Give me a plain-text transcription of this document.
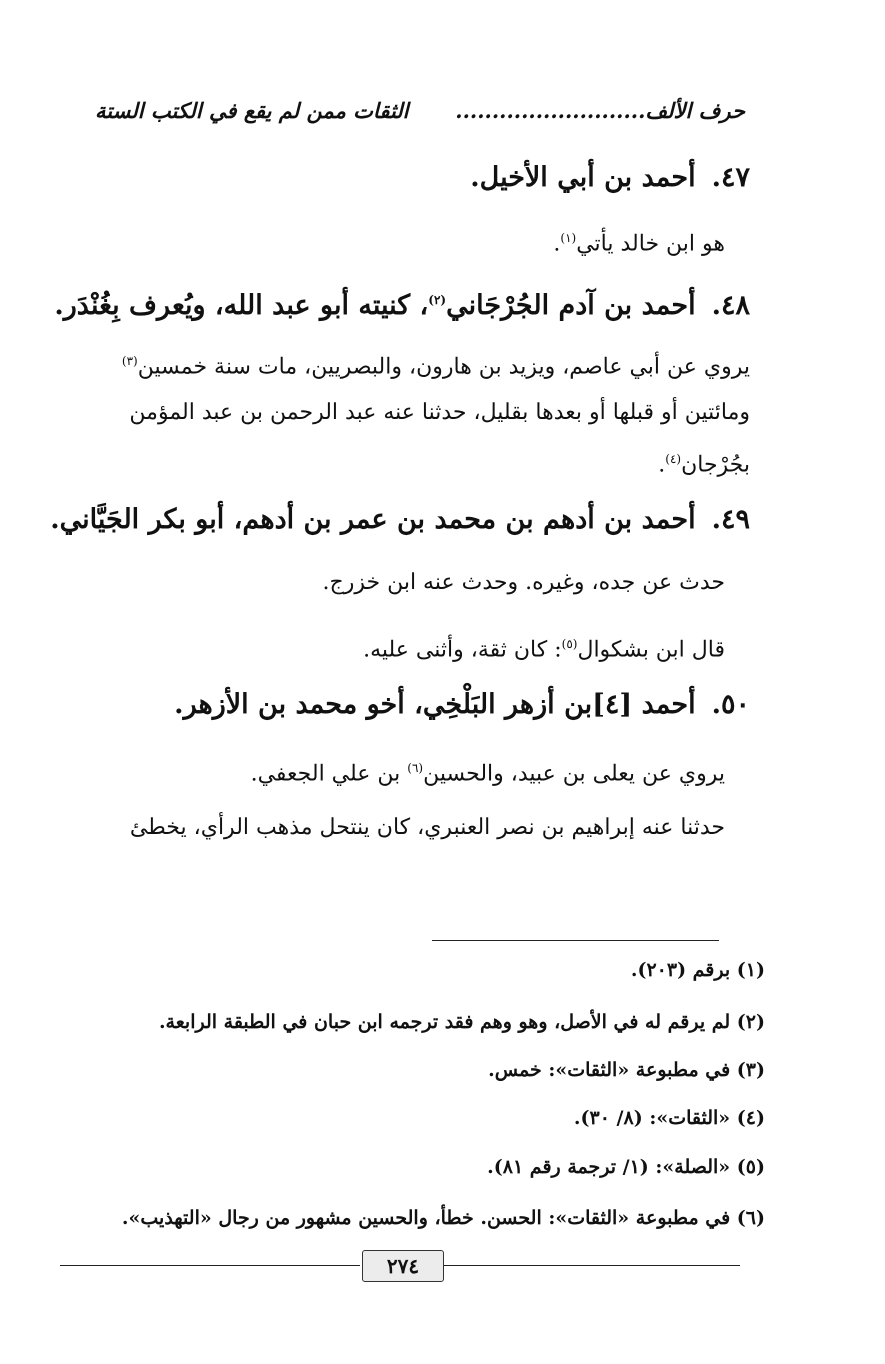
حرف الألف..........................
الثقات ممن لم يقع في الكتب الستة
٤٧.أحمد بن أبي الأخيل.
هو ابن خالد يأتي$^{(١)}$.
٤٨.أحمد بن آدم الجُرْجَاني$^{(٢)}$، كنيته أبو عبد الله، ويُعرف بِغُنْدَر.
يروي عن أبي عاصم، ويزيد بن هارون، والبصريين، مات سنة خمسين$^{(٣)}$
ومائتين أو قبلها أو بعدها بقليل، حدثنا عنه عبد الرحمن بن عبد المؤمن
بجُرْجان$^{(٤)}$.
٤٩.أحمد بن أدهم بن محمد بن عمر بن أدهم، أبو بكر الجَيَّاني.
حدث عن جده، وغيره. وحدث عنه ابن خزرج.
قال ابن بشكوال$^{(٥)}$: كان ثقة، وأثنى عليه.
٥٠.أحمد [٤]بن أزهر البَلْخِي، أخو محمد بن الأزهر.
يروي عن يعلى بن عبيد، والحسين$^{(٦)}$ بن علي الجعفي.
حدثنا عنه إبراهيم بن نصر العنبري، كان ينتحل مذهب الرأي، يخطئ
(١) برقم (٢٠٣).
(٢) لم يرقم له في الأصل، وهو وهم فقد ترجمه ابن حبان في الطبقة الرابعة.
(٣) في مطبوعة «الثقات»: خمس.
(٤) «الثقات»: (٨/ ٣٠).
(٥) «الصلة»: (١/ ترجمة رقم ٨١).
(٦) في مطبوعة «الثقات»: الحسن. خطأ، والحسين مشهور من رجال «التهذيب».
٢٧٤
